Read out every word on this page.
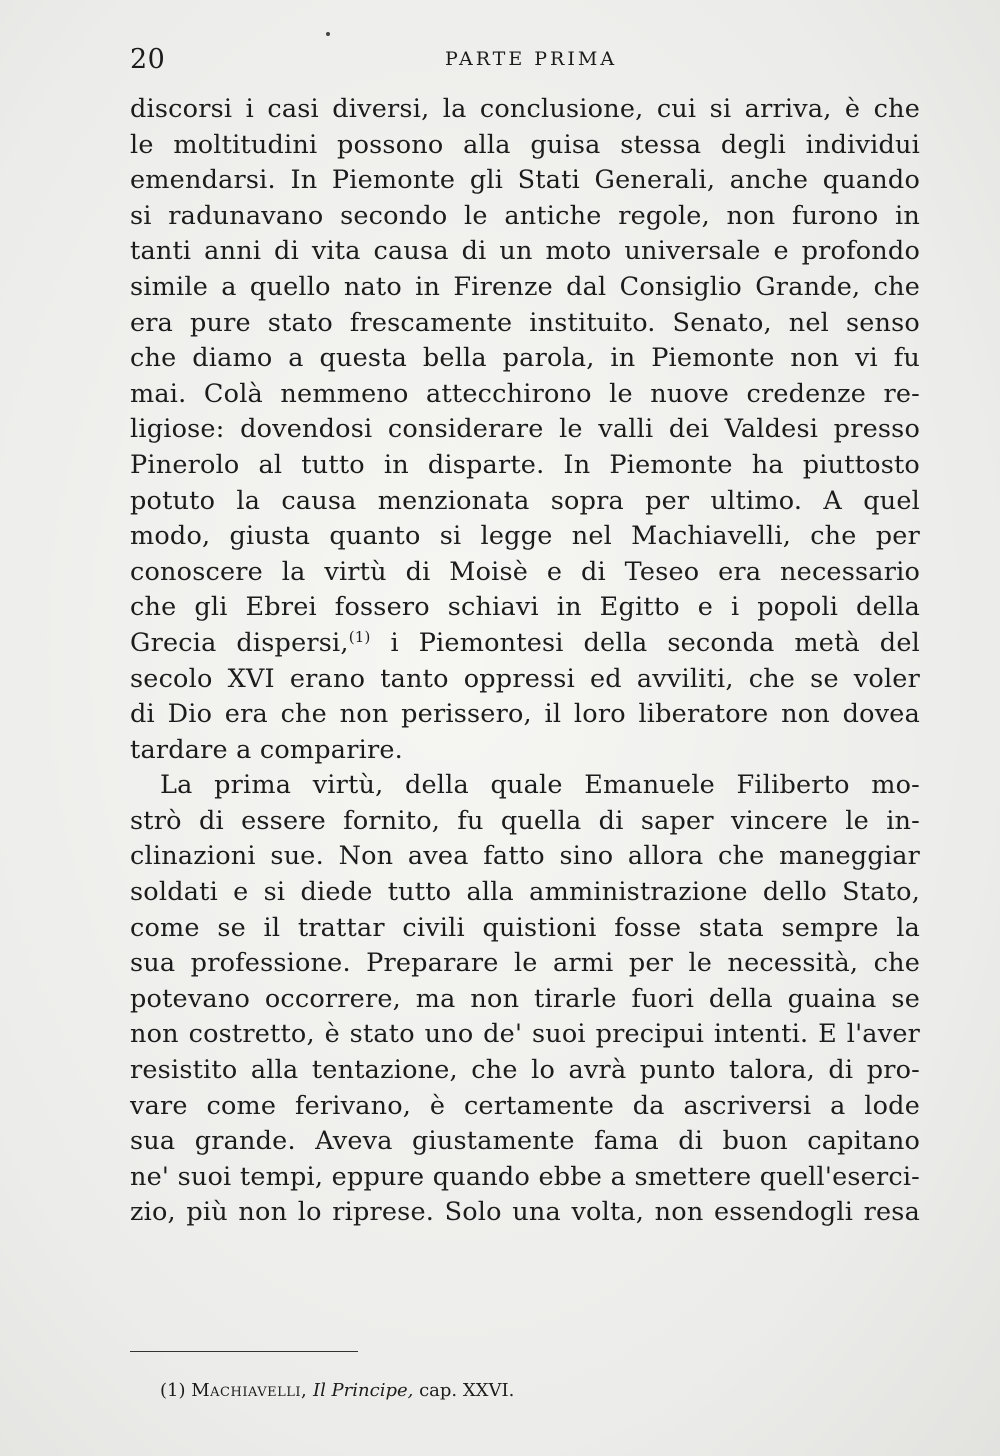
20	PARTE PRIMA
discorsi i casi diversi, la conclusione, cui si arriva, è che
le moltitudini possono alla guisa stessa degli individui
emendarsi. In Piemonte gli Stati Generali, anche quando
si radunavano secondo le antiche regole, non furono in
tanti anni di vita causa di un moto universale e profondo
simile a quello nato in Firenze dal Consiglio Grande, che
era pure stato frescamente instituito. Senato, nel senso
che diamo a questa bella parola, in Piemonte non vi fu
mai. Colà nemmeno attecchirono le nuove credenze re-
ligiose: dovendosi considerare le valli dei Valdesi presso
Pinerolo al tutto in disparte. In Piemonte ha piuttosto
potuto la causa menzionata sopra per ultimo. A quel
modo, giusta quanto si legge nel Machiavelli, che per
conoscere la virtù di Moisè e di Teseo era necessario
che gli Ebrei fossero schiavi in Egitto e i popoli della
Grecia dispersi,$^{(1)}$ i Piemontesi della seconda metà del
secolo XVI erano tanto oppressi ed avviliti, che se voler
di Dio era che non perissero, il loro liberatore non dovea
tardare a comparire.
La prima virtù, della quale Emanuele Filiberto mo-
strò di essere fornito, fu quella di saper vincere le in-
clinazioni sue. Non avea fatto sino allora che maneggiar
soldati e si diede tutto alla amministrazione dello Stato,
come se il trattar civili quistioni fosse stata sempre la
sua professione. Preparare le armi per le necessità, che
potevano occorrere, ma non tirarle fuori della guaina se
non costretto, è stato uno de' suoi precipui intenti. E l'aver
resistito alla tentazione, che lo avrà punto talora, di pro-
vare come ferivano, è certamente da ascriversi a lode
sua grande. Aveva giustamente fama di buon capitano
ne' suoi tempi, eppure quando ebbe a smettere quell'eserci-
zio, più non lo riprese. Solo una volta, non essendogli resa
(1) Machiavelli, Il Principe, cap. XXVI.
